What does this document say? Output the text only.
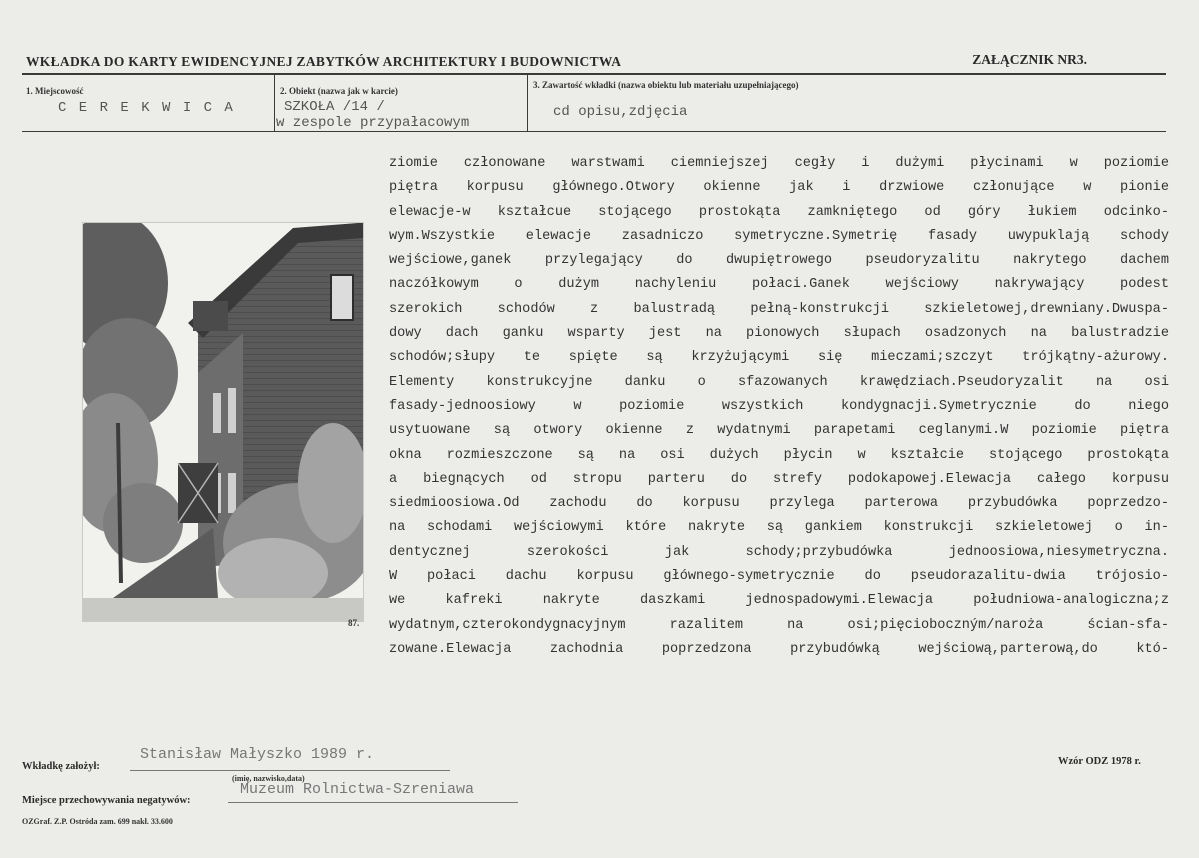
WKŁADKA DO KARTY EWIDENCYJNEJ ZABYTKÓW ARCHITEKTURY I BUDOWNICTWA	ZAŁĄCZNIK NR3.
1. Miejscowość
C E R E K W I C A
2. Obiekt (nazwa jak w karcie)
SZKOŁA /14 /
w zespole przypałacowym
3. Zawartość wkładki (nazwa obiektu lub materiału uzupełniającego)
cd opisu,zdjęcia
87.
ziomie członowane warstwami ciemniejszej cegły i dużymi płycinami w poziomie
piętra korpusu głównego.Otwory okienne jak i drzwiowe członujące w pionie
elewacje-w kształcue stojącego prostokąta zamkniętego od góry łukiem odcinko-
wym.Wszystkie elewacje zasadniczo symetryczne.Symetrię fasady uwypuklają schody
wejściowe,ganek przylegający do dwupiętrowego pseudoryzalitu nakrytego dachem
naczółkowym o dużym nachyleniu połaci.Ganek wejściowy nakrywający podest
szerokich schodów z balustradą pełną-konstrukcji szkieletowej,drewniany.Dwuspa-
dowy dach ganku wsparty jest na pionowych słupach osadzonych na balustradzie
schodów;słupy te spięte są krzyżującymi się mieczami;szczyt trójkątny-ażurowy.
Elementy konstrukcyjne danku o sfazowanych krawędziach.Pseudoryzalit na osi
fasady-jednoosiowy w poziomie wszystkich kondygnacji.Symetrycznie do niego
usytuowane są otwory okienne z wydatnymi parapetami ceglanymi.W poziomie piętra
okna rozmieszczone są na osi dużych płycin w kształcie stojącego prostokąta
a biegnących od stropu parteru do strefy podokapowej.Elewacja całego korpusu
siedmioosiowa.Od zachodu do korpusu przylega parterowa przybudówka poprzedzo-
na schodami wejściowymi które nakryte są gankiem konstrukcji szkieletowej o in-
dentycznej szerokości jak schody;przybudówka jednoosiowa,niesymetryczna.
W połaci dachu korpusu głównego-symetrycznie do pseudorazalitu-dwia trójosio-
we kafreki nakryte daszkami jednospadowymi.Elewacja południowa-analogiczna;z
wydatnym,czterokondygnacyjnym razalitem na osi;pięcioboczným/naroża ścian-sfa-
zowane.Elewacja zachodnia poprzedzona przybudówką wejściową,parterową,do któ-
Wkładkę założył:
Stanisław Małyszko 1989 r.
(imię, nazwisko,data)
Miejsce przechowywania negatywów:
Muzeum Rolnictwa-Szreniawa
Wzór ODZ 1978 r.
OZGraf. Z.P. Ostróda zam. 699 nakł. 33.600
